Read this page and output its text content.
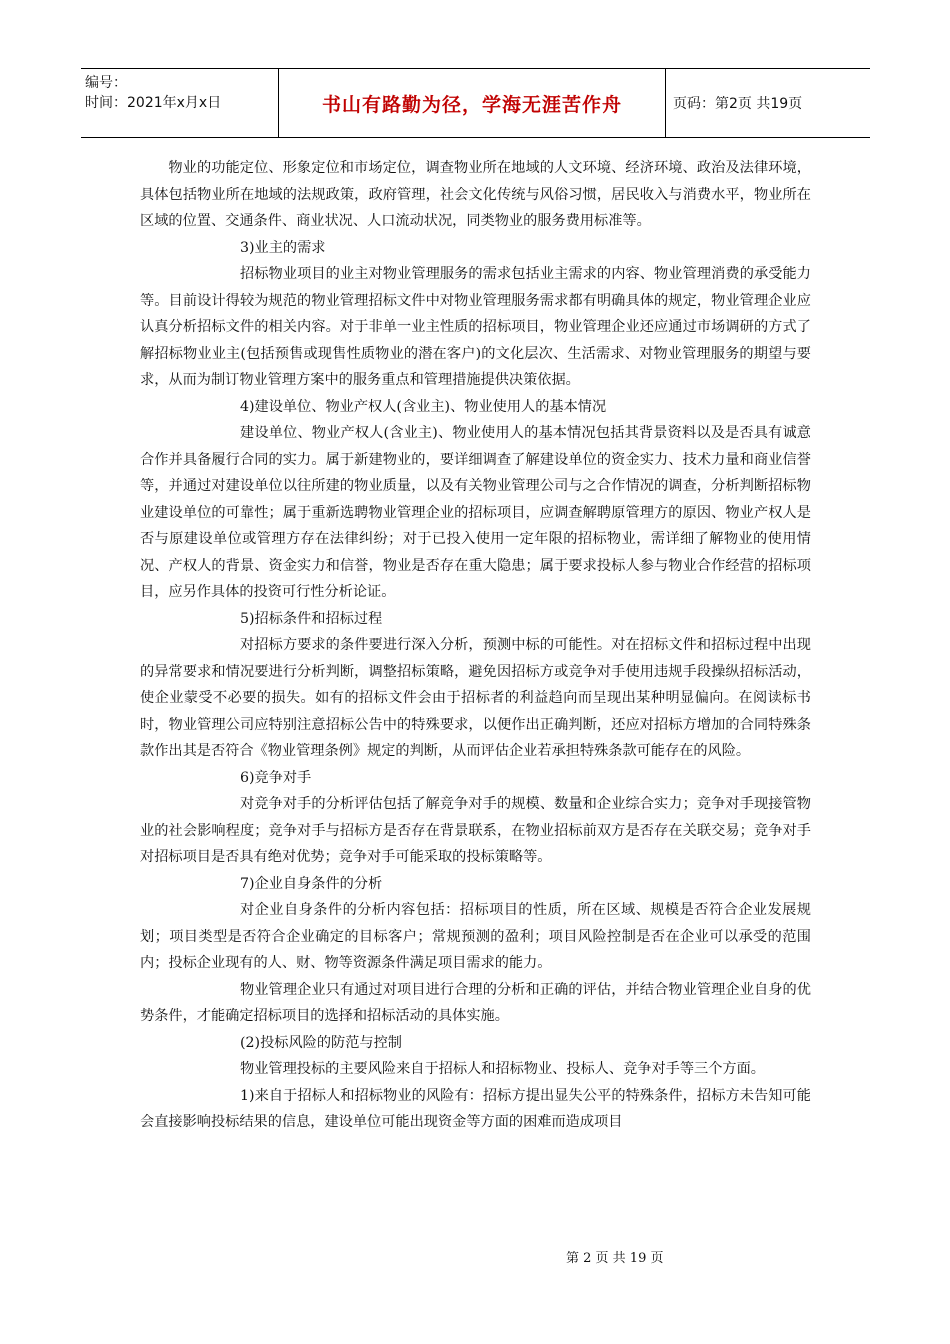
编号：
时间：2021年x月x日	书山有路勤为径，学海无涯苦作舟	页码：第2页 共19页

物业的功能定位、形象定位和市场定位，调查物业所在地域的人文环境、经济环境、政治及法律环境，具体包括物业所在地域的法规政策，政府管理，社会文化传统与风俗习惯，居民收入与消费水平，物业所在区域的位置、交通条件、商业状况、人口流动状况，同类物业的服务费用标准等。

3)业主的需求

招标物业项目的业主对物业管理服务的需求包括业主需求的内容、物业管理消费的承受能力等。目前设计得较为规范的物业管理招标文件中对物业管理服务需求都有明确具体的规定，物业管理企业应认真分析招标文件的相关内容。对于非单一业主性质的招标项目，物业管理企业还应通过市场调研的方式了解招标物业业主(包括预售或现售性质物业的潜在客户)的文化层次、生活需求、对物业管理服务的期望与要求，从而为制订物业管理方案中的服务重点和管理措施提供决策依据。

4)建设单位、物业产权人(含业主)、物业使用人的基本情况

建设单位、物业产权人(含业主)、物业使用人的基本情况包括其背景资料以及是否具有诚意合作并具备履行合同的实力。属于新建物业的，要详细调查了解建设单位的资金实力、技术力量和商业信誉等，并通过对建设单位以往所建的物业质量，以及有关物业管理公司与之合作情况的调查，分析判断招标物业建设单位的可靠性；属于重新选聘物业管理企业的招标项目，应调查解聘原管理方的原因、物业产权人是否与原建设单位或管理方存在法律纠纷；对于已投入使用一定年限的招标物业，需详细了解物业的使用情况、产权人的背景、资金实力和信誉，物业是否存在重大隐患；属于要求投标人参与物业合作经营的招标项目，应另作具体的投资可行性分析论证。

5)招标条件和招标过程

对招标方要求的条件要进行深入分析，预测中标的可能性。对在招标文件和招标过程中出现的异常要求和情况要进行分析判断，调整招标策略，避免因招标方或竞争对手使用违规手段操纵招标活动，使企业蒙受不必要的损失。如有的招标文件会由于招标者的利益趋向而呈现出某种明显偏向。在阅读标书时，物业管理公司应特别注意招标公告中的特殊要求，以便作出正确判断，还应对招标方增加的合同特殊条款作出其是否符合《物业管理条例》规定的判断，从而评估企业若承担特殊条款可能存在的风险。

6)竞争对手

对竞争对手的分析评估包括了解竞争对手的规模、数量和企业综合实力；竞争对手现接管物业的社会影响程度；竞争对手与招标方是否存在背景联系，在物业招标前双方是否存在关联交易；竞争对手对招标项目是否具有绝对优势；竞争对手可能采取的投标策略等。

7)企业自身条件的分析

对企业自身条件的分析内容包括：招标项目的性质，所在区域、规模是否符合企业发展规划；项目类型是否符合企业确定的目标客户；常规预测的盈利；项目风险控制是否在企业可以承受的范围内；投标企业现有的人、财、物等资源条件满足项目需求的能力。

物业管理企业只有通过对项目进行合理的分析和正确的评估，并结合物业管理企业自身的优势条件，才能确定招标项目的选择和招标活动的具体实施。

(2)投标风险的防范与控制

物业管理投标的主要风险来自于招标人和招标物业、投标人、竞争对手等三个方面。

1)来自于招标人和招标物业的风险有：招标方提出显失公平的特殊条件，招标方未告知可能会直接影响投标结果的信息，建设单位可能出现资金等方面的困难而造成项目

第 2 页 共 19 页
